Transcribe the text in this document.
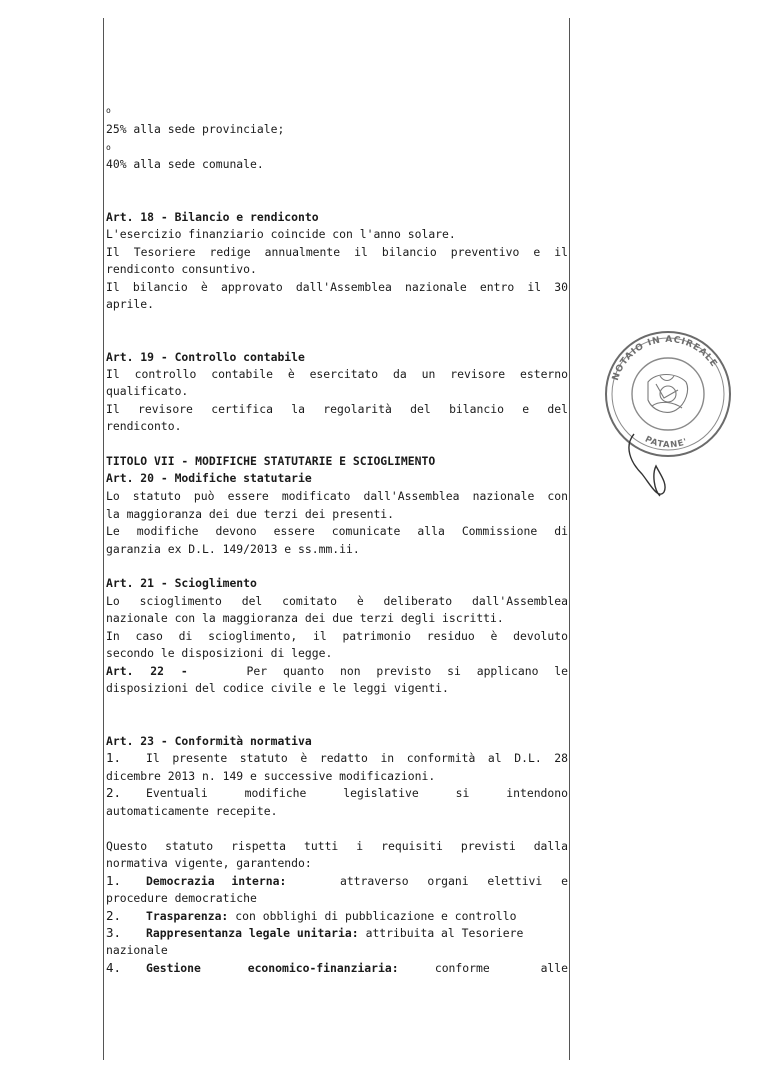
o
25% alla sede provinciale;
o
40% alla sede comunale.
Art. 18 - Bilancio e rendiconto
L'esercizio finanziario coincide con l'anno solare.
Il Tesoriere redige annualmente il bilancio preventivo e il
rendiconto consuntivo.
Il bilancio è approvato dall'Assemblea nazionale entro il 30
aprile.
Art. 19 - Controllo contabile
Il controllo contabile è esercitato da un revisore esterno
qualificato.
Il revisore certifica la regolarità del bilancio e del
rendiconto.
TITOLO VII - MODIFICHE STATUTARIE E SCIOGLIMENTO
Art. 20 - Modifiche statutarie
Lo statuto può essere modificato dall'Assemblea nazionale con
la maggioranza dei due terzi dei presenti.
Le modifiche devono essere comunicate alla Commissione di
garanzia ex D.L. 149/2013 e ss.mm.ii.
Art. 21 - Scioglimento
Lo scioglimento del comitato è deliberato dall'Assemblea
nazionale con la maggioranza dei due terzi degli iscritti.
In caso di scioglimento, il patrimonio residuo è devoluto
secondo le disposizioni di legge.
Art. 22 -	Per quanto non previsto si applicano le
disposizioni del codice civile e le leggi vigenti.
Art. 23 - Conformità normativa
1.	Il presente statuto è redatto in conformità al D.L. 28
dicembre 2013 n. 149 e successive modificazioni.
2.	Eventuali modifiche legislative si intendono
automaticamente recepite.
Questo statuto rispetta tutti i requisiti previsti dalla
normativa vigente, garantendo:
1.	Democrazia interna:	attraverso organi elettivi e
procedure democratiche
2.	Trasparenza: con obblighi di pubblicazione e controllo
3.	Rappresentanza legale unitaria: attribuita al Tesoriere
nazionale
4.	Gestione economico-finanziaria:	conforme alle
NOTAIO IN ACIREALE
PATANE'
